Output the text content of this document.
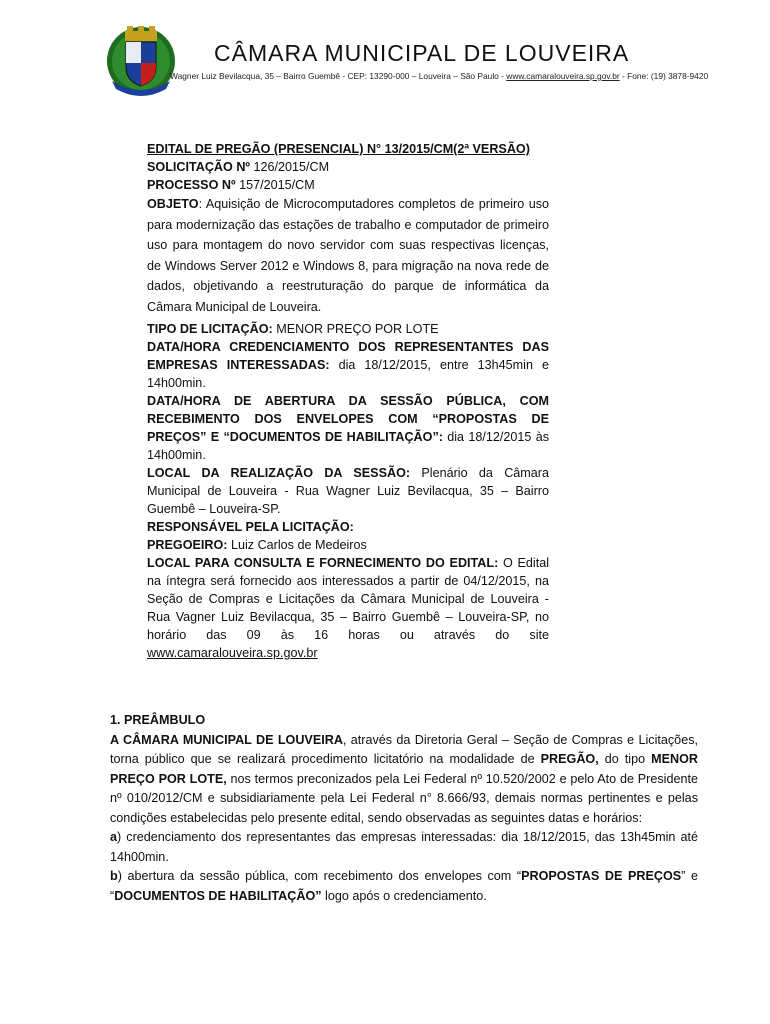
CÂMARA MUNICIPAL DE LOUVEIRA
Wagner Luiz Bevilacqua, 35 – Bairro Guembê - CEP: 13290-000 – Louveira – São Paulo - www.camaralouveira.sp.gov.br - Fone: (19) 3878-9420
EDITAL DE PREGÃO (PRESENCIAL) N° 13/2015/CM(2ª VERSÃO)
SOLICITAÇÃO Nº 126/2015/CM
PROCESSO Nº 157/2015/CM
OBJETO: Aquisição de Microcomputadores completos de primeiro uso para modernização das estações de trabalho e computador de primeiro uso para montagem do novo servidor com suas respectivas licenças, de Windows Server 2012 e Windows 8, para migração na nova rede de dados, objetivando a reestruturação do parque de informática da Câmara Municipal de Louveira.
TIPO DE LICITAÇÃO: MENOR PREÇO POR LOTE
DATA/HORA CREDENCIAMENTO DOS REPRESENTANTES DAS EMPRESAS INTERESSADAS: dia 18/12/2015, entre 13h45min e 14h00min.
DATA/HORA DE ABERTURA DA SESSÃO PÚBLICA, COM RECEBIMENTO DOS ENVELOPES COM “PROPOSTAS DE PREÇOS” E “DOCUMENTOS DE HABILITAÇÃO”: dia 18/12/2015 às 14h00min.
LOCAL DA REALIZAÇÃO DA SESSÃO: Plenário da Câmara Municipal de Louveira - Rua Wagner Luiz Bevilacqua, 35 – Bairro Guembê – Louveira-SP.
RESPONSÁVEL PELA LICITAÇÃO:
PREGOEIRO: Luiz Carlos de Medeiros
LOCAL PARA CONSULTA E FORNECIMENTO DO EDITAL: O Edital na íntegra será fornecido aos interessados a partir de 04/12/2015, na Seção de Compras e Licitações da Câmara Municipal de Louveira - Rua Vagner Luiz Bevilacqua, 35 – Bairro Guembê – Louveira-SP, no horário das 09 às 16 horas ou através do site www.camaralouveira.sp.gov.br
1. PREÂMBULO
A CÂMARA MUNICIPAL DE LOUVEIRA, através da Diretoria Geral – Seção de Compras e Licitações, torna público que se realizará procedimento licitatório na modalidade de PREGÃO, do tipo MENOR PREÇO POR LOTE, nos termos preconizados pela Lei Federal nº 10.520/2002 e pelo Ato de Presidente nº 010/2012/CM e subsidiariamente pela Lei Federal n° 8.666/93, demais normas pertinentes e pelas condições estabelecidas pelo presente edital, sendo observadas as seguintes datas e horários:
a) credenciamento dos representantes das empresas interessadas: dia 18/12/2015, das 13h45min até 14h00min.
b) abertura da sessão pública, com recebimento dos envelopes com “PROPOSTAS DE PREÇOS” e “DOCUMENTOS DE HABILITAÇÃO” logo após o credenciamento.
